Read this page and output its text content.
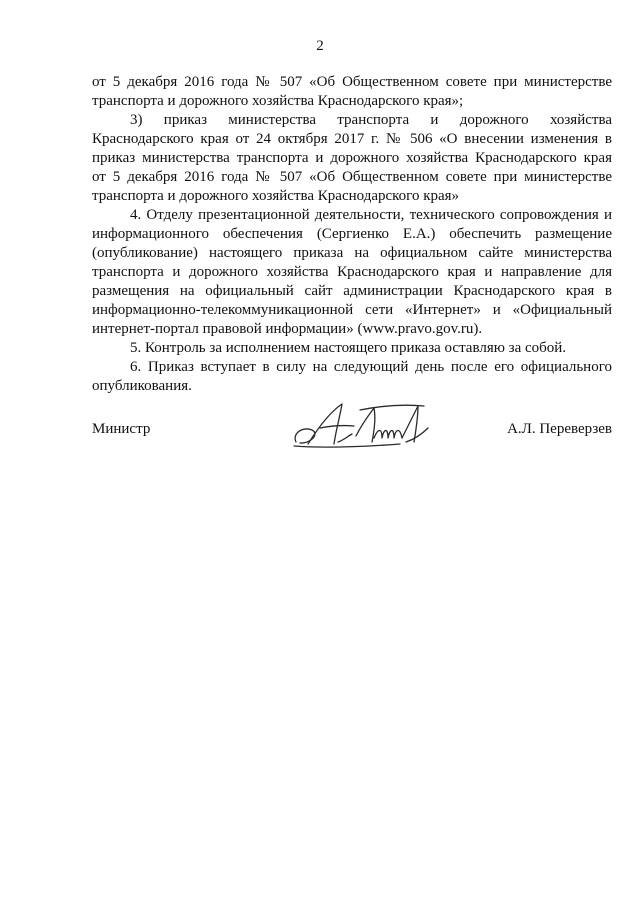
2

от 5 декабря 2016 года № 507 «Об Общественном совете при министерстве
транспорта и дорожного хозяйства Краснодарского края»;

3) приказ министерства транспорта и дорожного хозяйства
Краснодарского края от 24 октября 2017 г. № 506 «О внесении изменения в
приказ министерства транспорта и дорожного хозяйства Краснодарского края
от 5 декабря 2016 года № 507 «Об Общественном совете при министерстве
транспорта и дорожного хозяйства Краснодарского края»

4. Отделу презентационной деятельности, технического сопровождения и
информационного обеспечения (Сергиенко Е.А.) обеспечить размещение
(опубликование) настоящего приказа на официальном сайте министерства
транспорта и дорожного хозяйства Краснодарского края и направление для
размещения на официальный сайт администрации Краснодарского края в
информационно-телекоммуникационной сети «Интернет» и «Официальный
интернет-портал правовой информации» (www.pravo.gov.ru).

5. Контроль за исполнением настоящего приказа оставляю за собой.

6. Приказ вступает в силу на следующий день после его официального
опубликования.

Министр	А.Л. Переверзев
